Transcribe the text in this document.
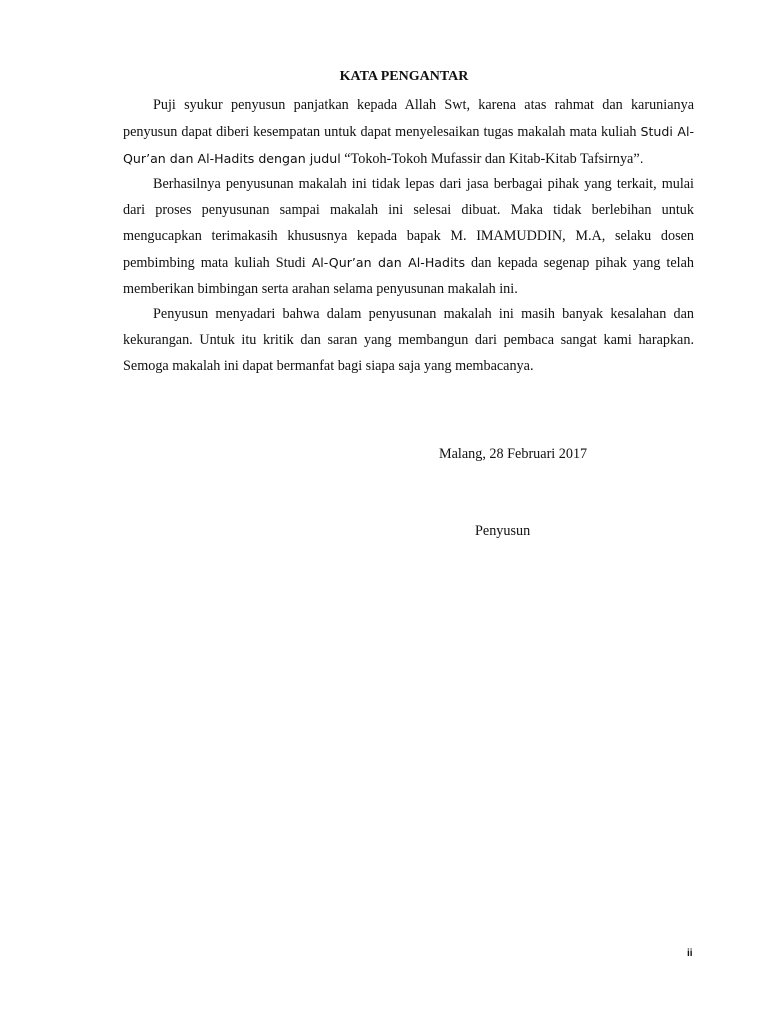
KATA PENGANTAR

Puji syukur penyusun panjatkan kepada Allah Swt, karena atas rahmat dan karunianya penyusun dapat diberi kesempatan untuk dapat menyelesaikan tugas makalah mata kuliah Studi Al-Qur’an dan Al-Hadits dengan judul “Tokoh-Tokoh Mufassir dan Kitab-Kitab Tafsirnya”.

Berhasilnya penyusunan makalah ini tidak lepas dari jasa berbagai pihak yang terkait, mulai dari proses penyusunan sampai makalah ini selesai dibuat. Maka tidak berlebihan untuk mengucapkan terimakasih khususnya kepada bapak M. IMAMUDDIN, M.A, selaku dosen pembimbing mata kuliah Studi Al-Qur’an dan Al-Hadits dan kepada segenap pihak yang telah memberikan bimbingan serta arahan selama penyusunan makalah ini.

Penyusun menyadari bahwa dalam penyusunan makalah ini masih banyak kesalahan dan kekurangan. Untuk itu kritik dan saran yang membangun dari pembaca sangat kami harapkan. Semoga makalah ini dapat bermanfat bagi siapa saja yang membacanya.

Malang, 28 Februari 2017
Penyusun
ii
